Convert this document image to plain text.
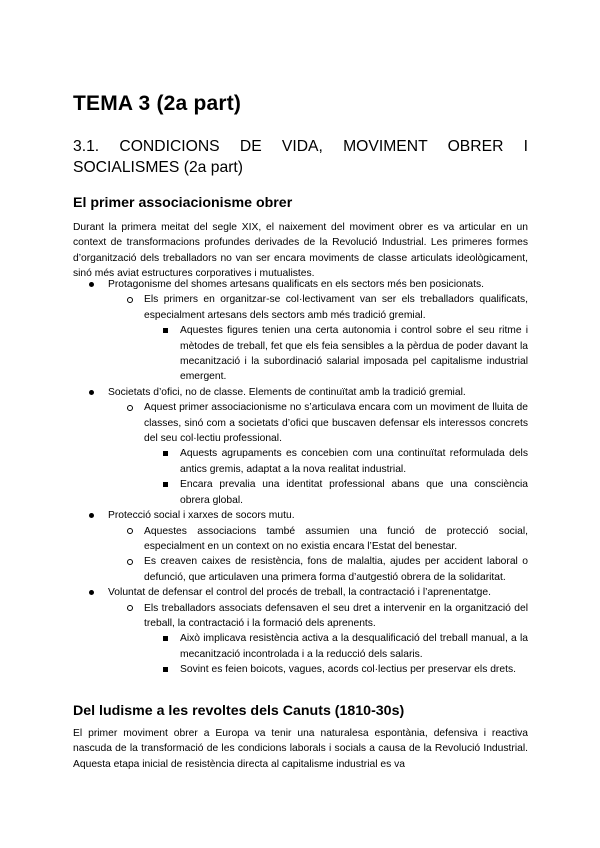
TEMA 3 (2a part)
3.1. CONDICIONS DE VIDA, MOVIMENT OBRER I SOCIALISMES (2a part)
El primer associacionisme obrer

Durant la primera meitat del segle XIX, el naixement del moviment obrer es va articular en un context de transformacions profundes derivades de la Revolució Industrial. Les primeres formes d’organització dels treballadors no van ser encara moviments de classe articulats ideològicament, sinó més aviat estructures corporatives i mutualistes.

Protagonisme del shomes artesans qualificats en els sectors més ben posicionats.
Els primers en organitzar-se col·lectivament van ser els treballadors qualificats, especialment artesans dels sectors amb més tradició gremial.
Aquestes figures tenien una certa autonomia i control sobre el seu ritme i mètodes de treball, fet que els feia sensibles a la pèrdua de poder davant la mecanització i la subordinació salarial imposada pel capitalisme industrial emergent.
Societats d’ofici, no de classe. Elements de continuïtat amb la tradició gremial.
Aquest primer associacionisme no s’articulava encara com un moviment de lluita de classes, sinó com a societats d’ofici que buscaven defensar els interessos concrets del seu col·lectiu professional.
Aquests agrupaments es concebien com una continuïtat reformulada dels antics gremis, adaptat a la nova realitat industrial.
Encara prevalia una identitat professional abans que una consciència obrera global.
Protecció social i xarxes de socors mutu.
Aquestes associacions també assumien una funció de protecció social, especialment en un context on no existia encara l’Estat del benestar.
Es creaven caixes de resistència, fons de malaltia, ajudes per accident laboral o defunció, que articulaven una primera forma d’autgestió obrera de la solidaritat.
Voluntat de defensar el control del procés de treball, la contractació i l’aprenentatge.
Els treballadors associats defensaven el seu dret a intervenir en la organització del treball, la contractació i la formació dels aprenents.
Això implicava resistència activa a la desqualificació del treball manual, a la mecanització incontrolada i a la reducció dels salaris.
Sovint es feien boicots, vagues, acords col·lectius per preservar els drets.
Del ludisme a les revoltes dels Canuts (1810-30s)

El primer moviment obrer a Europa va tenir una naturalesa espontània, defensiva i reactiva nascuda de la transformació de les condicions laborals i socials a causa de la Revolució Industrial. Aquesta etapa inicial de resistència directa al capitalisme industrial es va
